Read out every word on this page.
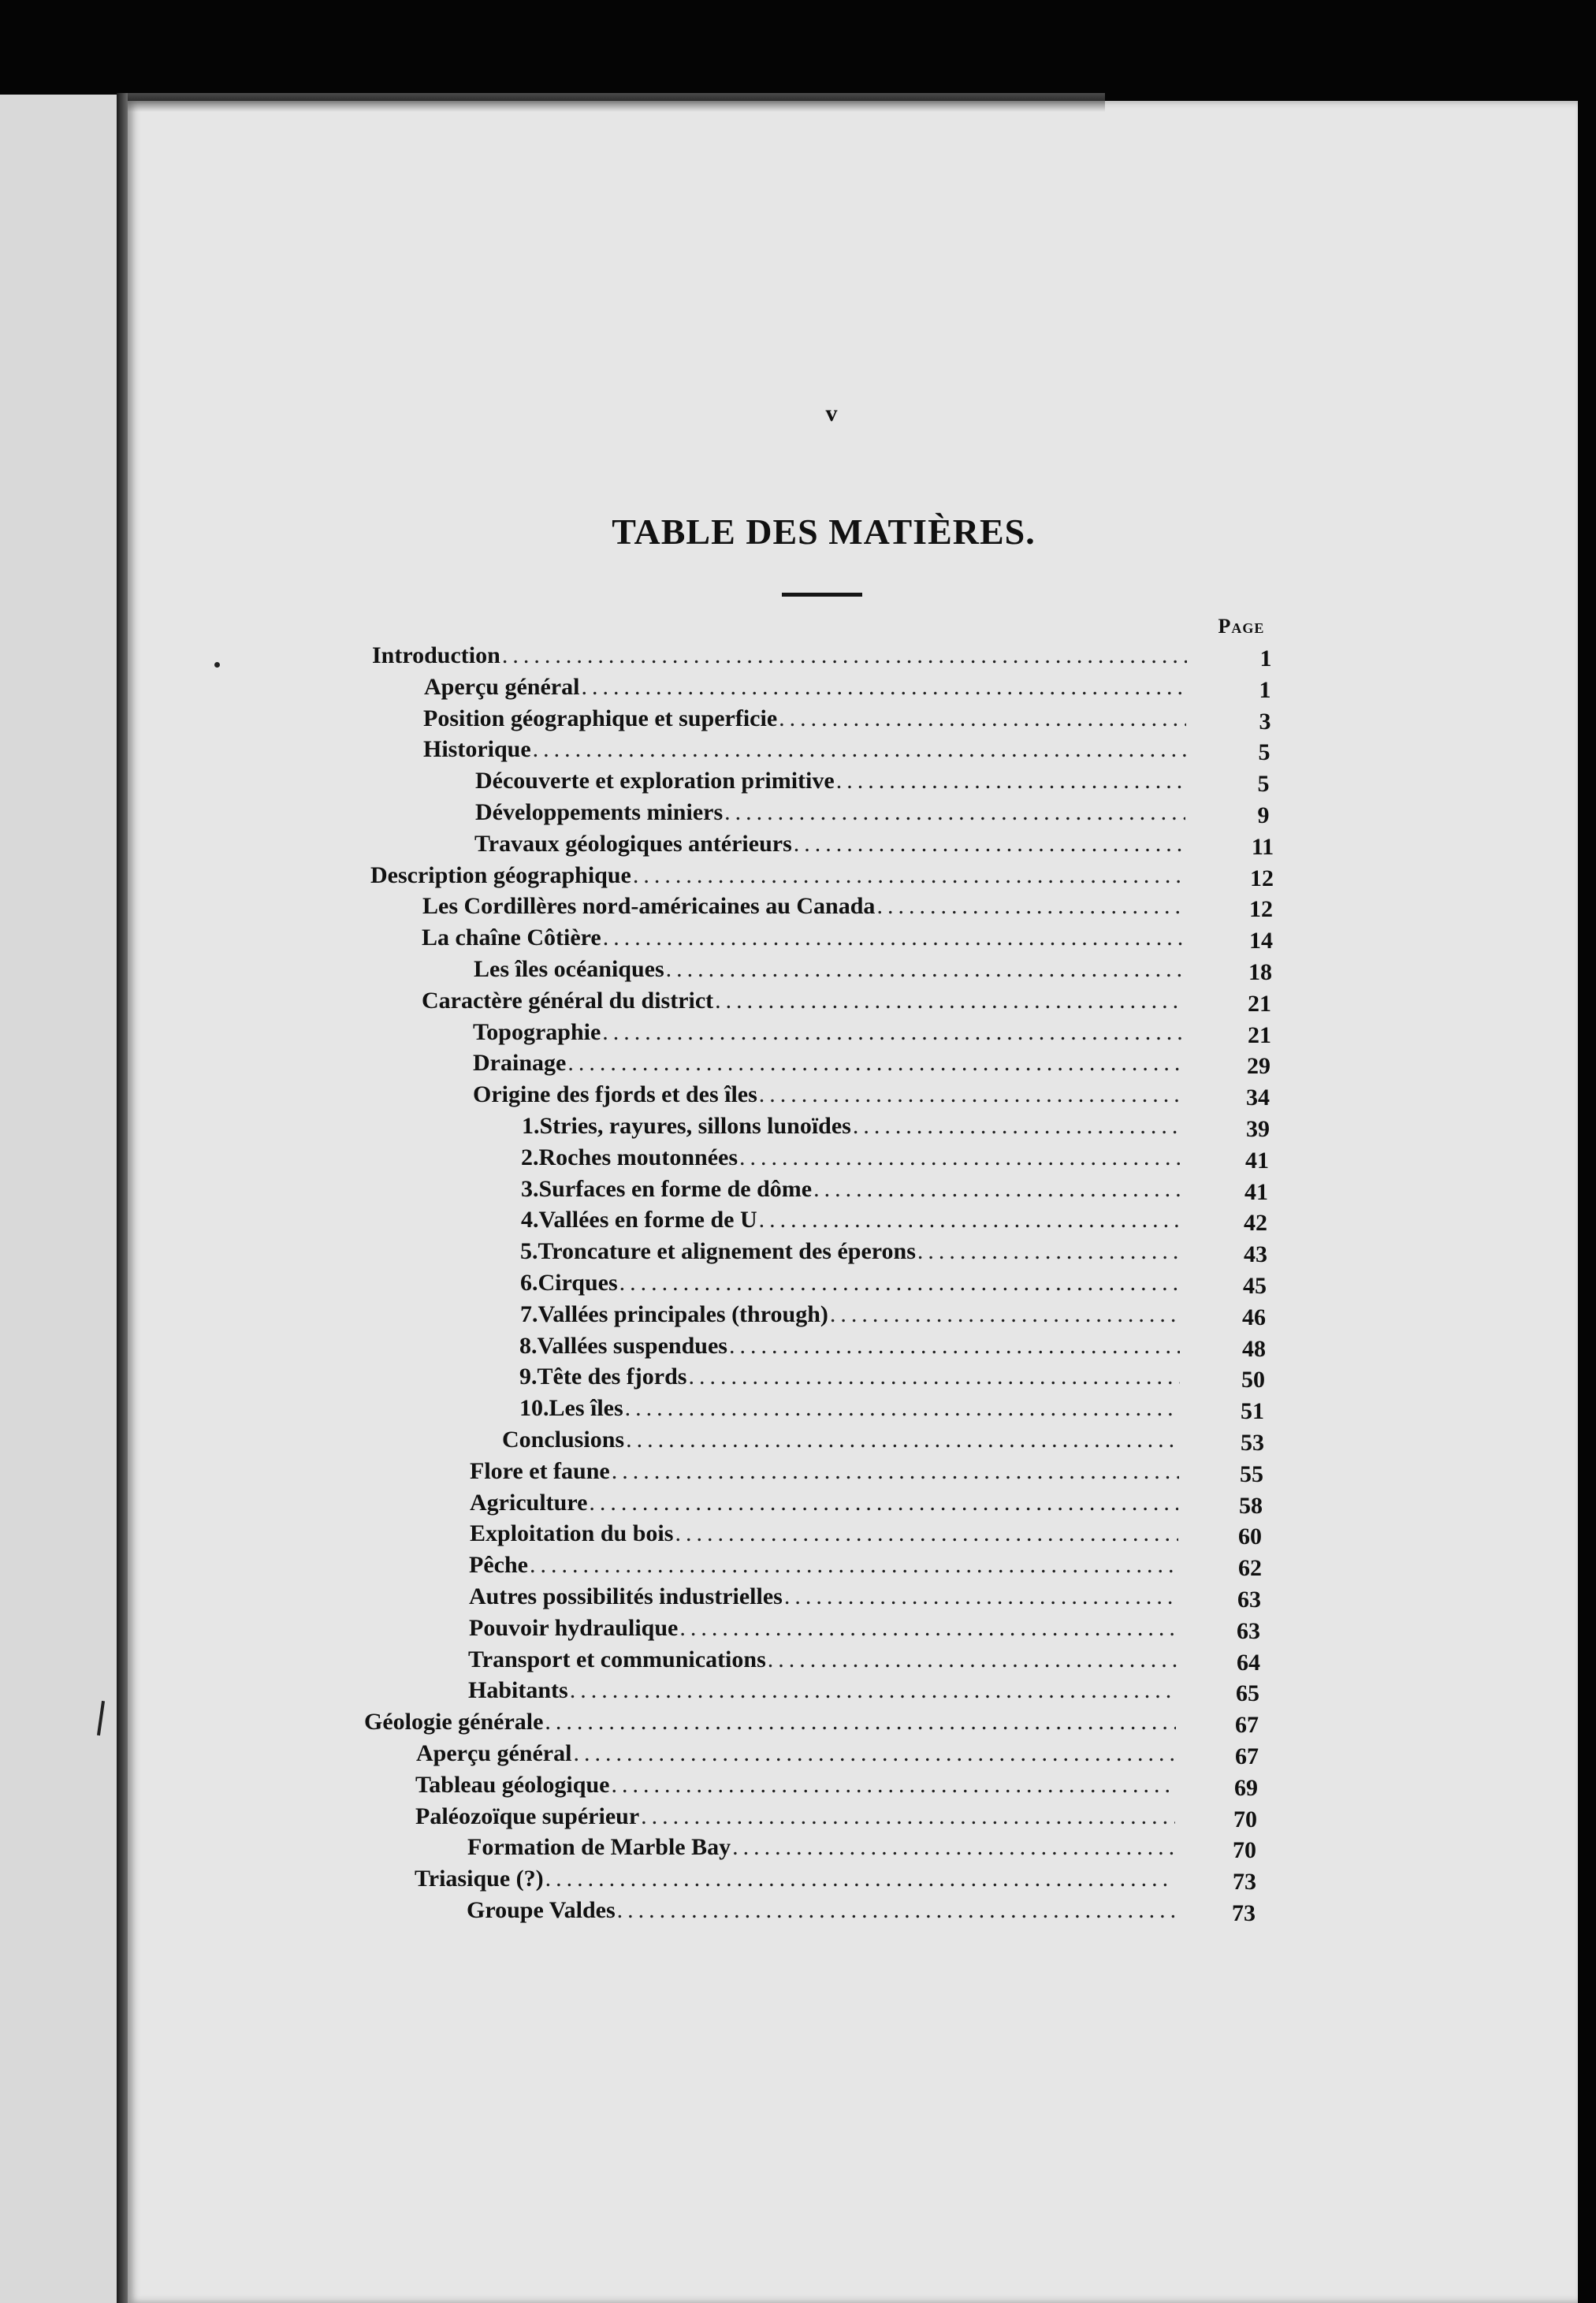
v
TABLE DES MATIÈRES.
Page
Introduction .....	1
Aperçu général .....	1
Position géographique et superficie .....	3
Historique .....	5
Découverte et exploration primitive .....	5
Développements miniers .....	9
Travaux géologiques antérieurs .....	11
Description géographique .....	12
Les Cordillères nord-américaines au Canada .....	12
La chaîne Côtière .....	14
Les îles océaniques .....	18
Caractère général du district .....	21
Topographie .....	21
Drainage .....	29
Origine des fjords et des îles .....	34
1. Stries, rayures, sillons lunoïdes .....	39
2. Roches moutonnées .....	41
3. Surfaces en forme de dôme .....	41
4. Vallées en forme de U .....	42
5. Troncature et alignement des éperons .....	43
6. Cirques .....	45
7. Vallées principales (through) .....	46
8. Vallées suspendues .....	48
9. Tête des fjords .....	50
10. Les îles .....	51
Conclusions .....	53
Flore et faune .....	55
Agriculture .....	58
Exploitation du bois .....	60
Pêche .....	62
Autres possibilités industrielles .....	63
Pouvoir hydraulique .....	63
Transport et communications .....	64
Habitants .....	65
Géologie générale .....	67
Aperçu général .....	67
Tableau géologique .....	69
Paléozoïque supérieur .....	70
Formation de Marble Bay .....	70
Triasique (?) .....	73
Groupe Valdes .....	73
